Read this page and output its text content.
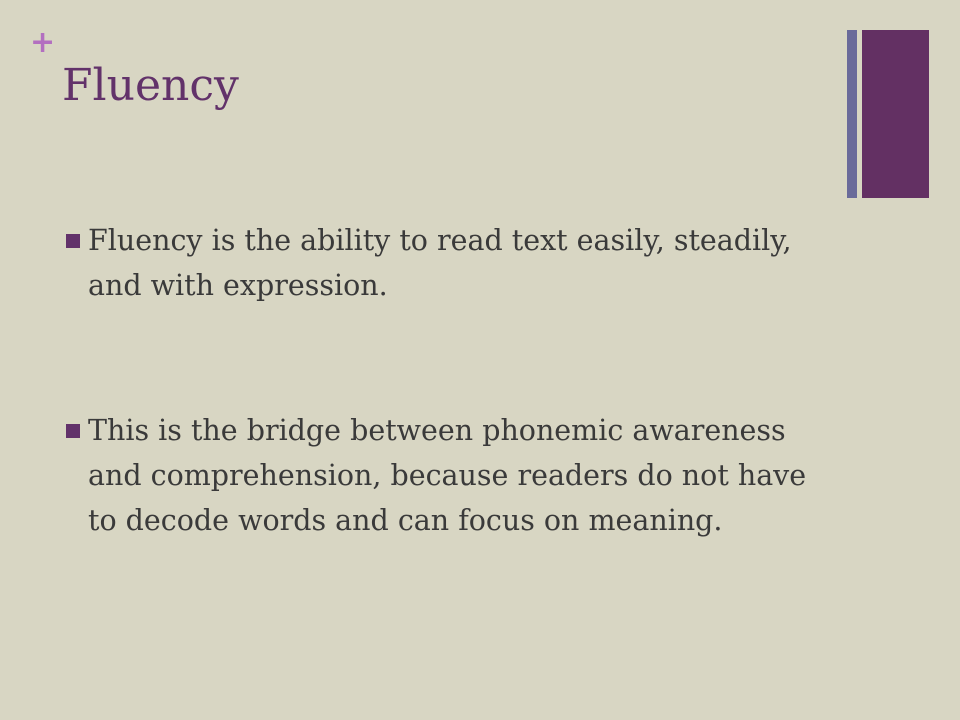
+
Fluency
Fluency is the ability to read text easily, steadily, and with expression.
This is the bridge between phonemic awareness and comprehension, because readers do not have to decode words and can focus on meaning.
